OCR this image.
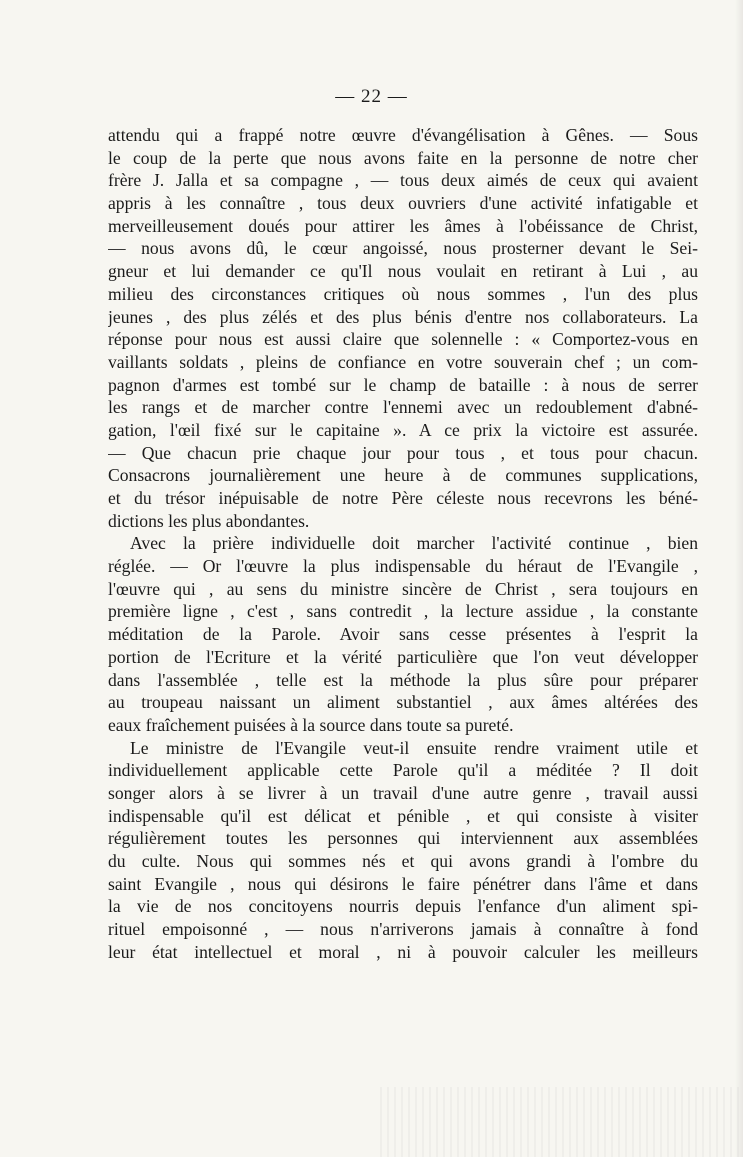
— 22 —
attendu qui a frappé notre œuvre d'évangélisation à Gênes. — Sous
le coup de la perte que nous avons faite en la personne de notre cher
frère J. Jalla et sa compagne , — tous deux aimés de ceux qui avaient
appris à les connaître , tous deux ouvriers d'une activité infatigable et
merveilleusement doués pour attirer les âmes à l'obéissance de Christ,
— nous avons dû, le cœur angoissé, nous prosterner devant le Sei-
gneur et lui demander ce qu'Il nous voulait en retirant à Lui , au
milieu des circonstances critiques où nous sommes , l'un des plus
jeunes , des plus zélés et des plus bénis d'entre nos collaborateurs. La
réponse pour nous est aussi claire que solennelle : « Comportez-vous en
vaillants soldats , pleins de confiance en votre souverain chef ; un com-
pagnon d'armes est tombé sur le champ de bataille : à nous de serrer
les rangs et de marcher contre l'ennemi avec un redoublement d'abné-
gation, l'œil fixé sur le capitaine ». A ce prix la victoire est assurée.
— Que chacun prie chaque jour pour tous , et tous pour chacun.
Consacrons journalièrement une heure à de communes supplications,
et du trésor inépuisable de notre Père céleste nous recevrons les béné-
dictions les plus abondantes.
Avec la prière individuelle doit marcher l'activité continue , bien
réglée. — Or l'œuvre la plus indispensable du héraut de l'Evangile ,
l'œuvre qui , au sens du ministre sincère de Christ , sera toujours en
première ligne , c'est , sans contredit , la lecture assidue , la constante
méditation de la Parole. Avoir sans cesse présentes à l'esprit la
portion de l'Ecriture et la vérité particulière que l'on veut développer
dans l'assemblée , telle est la méthode la plus sûre pour préparer
au troupeau naissant un aliment substantiel , aux âmes altérées des
eaux fraîchement puisées à la source dans toute sa pureté.
Le ministre de l'Evangile veut-il ensuite rendre vraiment utile et
individuellement applicable cette Parole qu'il a méditée ? Il doit
songer alors à se livrer à un travail d'une autre genre , travail aussi
indispensable qu'il est délicat et pénible , et qui consiste à visiter
régulièrement toutes les personnes qui interviennent aux assemblées
du culte. Nous qui sommes nés et qui avons grandi à l'ombre du
saint Evangile , nous qui désirons le faire pénétrer dans l'âme et dans
la vie de nos concitoyens nourris depuis l'enfance d'un aliment spi-
rituel empoisonné , — nous n'arriverons jamais à connaître à fond
leur état intellectuel et moral , ni à pouvoir calculer les meilleurs
